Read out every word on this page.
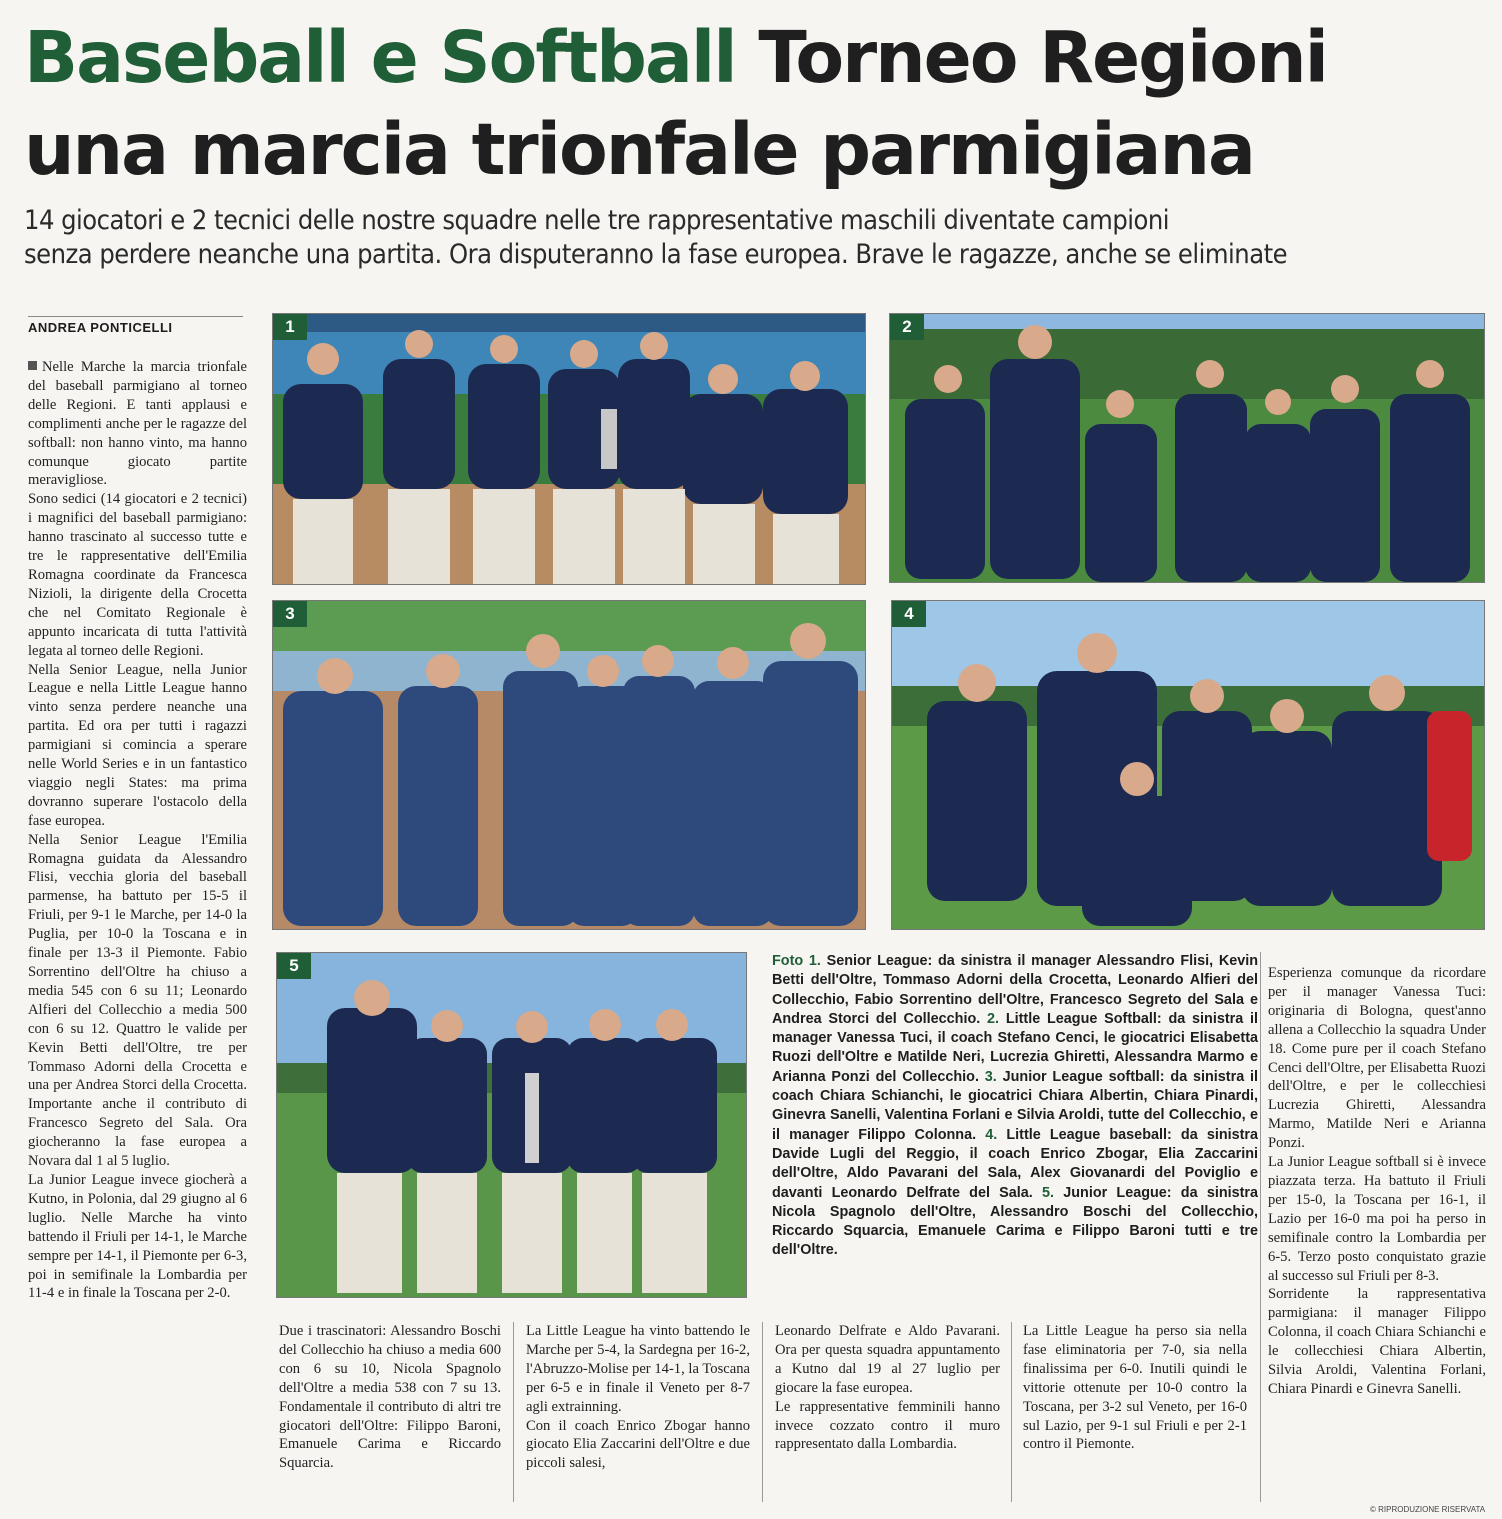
Baseball e Softball Torneo Regioni
una marcia trionfale parmigiana

14 giocatori e 2 tecnici delle nostre squadre nelle tre rappresentative maschili diventate campioni
senza perdere neanche una partita. Ora disputeranno la fase europea. Brave le ragazze, anche se eliminate

ANDREA PONTICELLI

Nelle Marche la marcia trionfale del baseball parmigiano al torneo delle Regioni. E tanti applausi e complimenti anche per le ragazze del softball: non hanno vinto, ma hanno comunque giocato partite meravigliose.

Sono sedici (14 giocatori e 2 tecnici) i magnifici del baseball parmigiano: hanno trascinato al successo tutte e tre le rappresentative dell'Emilia Romagna coordinate da Francesca Nizioli, la dirigente della Crocetta che nel Comitato Regionale è appunto incaricata di tutta l'attività legata al torneo delle Regioni.

Nella Senior League, nella Junior League e nella Little League hanno vinto senza perdere neanche una partita. Ed ora per tutti i ragazzi parmigiani si comincia a sperare nelle World Series e in un fantastico viaggio negli States: ma prima dovranno superare l'ostacolo della fase europea.

Nella Senior League l'Emilia Romagna guidata da Alessandro Flisi, vecchia gloria del baseball parmense, ha battuto per 15-5 il Friuli, per 9-1 le Marche, per 14-0 la Puglia, per 10-0 la Toscana e in finale per 13-3 il Piemonte. Fabio Sorrentino dell'Oltre ha chiuso a media 545 con 6 su 11; Leonardo Alfieri del Collecchio a media 500 con 6 su 12. Quattro le valide per Kevin Betti dell'Oltre, tre per Tommaso Adorni della Crocetta e una per Andrea Storci della Crocetta. Importante anche il contributo di Francesco Segreto del Sala. Ora giocheranno la fase europea a Novara dal 1 al 5 luglio.

La Junior League invece giocherà a Kutno, in Polonia, dal 29 giugno al 6 luglio. Nelle Marche ha vinto battendo il Friuli per 14-1, le Marche sempre per 14-1, il Piemonte per 6-3, poi in semifinale la Lombardia per 11-4 e in finale la Toscana per 2-0.

1	2
3	4
5	Foto 1. Senior League: da sinistra il manager Alessandro Flisi, Kevin Betti dell'Oltre, Tommaso Adorni della Crocetta, Leonardo Alfieri del Collecchio, Fabio Sorrentino dell'Oltre, Francesco Segreto del Sala e Andrea Storci del Collecchio. 2. Little League Softball: da sinistra il manager Vanessa Tuci, il coach Stefano Cenci, le giocatrici Elisabetta Ruozi dell'Oltre e Matilde Neri, Lucrezia Ghiretti, Alessandra Marmo e Arianna Ponzi del Collecchio. 3. Junior League softball: da sinistra il coach Chiara Schianchi, le giocatrici Chiara Albertin, Chiara Pinardi, Ginevra Sanelli, Valentina Forlani e Silvia Aroldi, tutte del Collecchio, e il manager Filippo Colonna. 4. Little League baseball: da sinistra Davide Lugli del Reggio, il coach Enrico Zbogar, Elia Zaccarini dell'Oltre, Aldo Pavarani del Sala, Alex Giovanardi del Poviglio e davanti Leonardo Delfrate del Sala. 5. Junior League: da sinistra Nicola Spagnolo dell'Oltre, Alessandro Boschi del Collecchio, Riccardo Squarcia, Emanuele Carima e Filippo Baroni tutti e tre dell'Oltre.

Due i trascinatori: Alessandro Boschi del Collecchio ha chiuso a media 600 con 6 su 10, Nicola Spagnolo dell'Oltre a media 538 con 7 su 13. Fondamentale il contributo di altri tre giocatori dell'Oltre: Filippo Baroni, Emanuele Carima e Riccardo Squarcia.

La Little League ha vinto battendo le Marche per 5-4, la Sardegna per 16-2, l'Abruzzo-Molise per 14-1, la Toscana per 6-5 e in finale il Veneto per 8-7 agli extrainning.

Con il coach Enrico Zbogar hanno giocato Elia Zaccarini dell'Oltre e due piccoli salesi,

Leonardo Delfrate e Aldo Pavarani. Ora per questa squadra appuntamento a Kutno dal 19 al 27 luglio per giocare la fase europea.

Le rappresentative femminili hanno invece cozzato contro il muro rappresentato dalla Lombardia.

La Little League ha perso sia nella fase eliminatoria per 7-0, sia nella finalissima per 6-0. Inutili quindi le vittorie ottenute per 10-0 contro la Toscana, per 3-2 sul Veneto, per 16-0 sul Lazio, per 9-1 sul Friuli e per 2-1 contro il Piemonte.

Esperienza comunque da ricordare per il manager Vanessa Tuci: originaria di Bologna, quest'anno allena a Collecchio la squadra Under 18. Come pure per il coach Stefano Cenci dell'Oltre, per Elisabetta Ruozi dell'Oltre, e per le collecchiesi Lucrezia Ghiretti, Alessandra Marmo, Matilde Neri e Arianna Ponzi.

La Junior League softball si è invece piazzata terza. Ha battuto il Friuli per 15-0, la Toscana per 16-1, il Lazio per 16-0 ma poi ha perso in semifinale contro la Lombardia per 6-5. Terzo posto conquistato grazie al successo sul Friuli per 8-3.

Sorridente la rappresentativa parmigiana: il manager Filippo Colonna, il coach Chiara Schianchi e le collecchiesi Chiara Albertin, Silvia Aroldi, Valentina Forlani, Chiara Pinardi e Ginevra Sanelli.

© RIPRODUZIONE RISERVATA
